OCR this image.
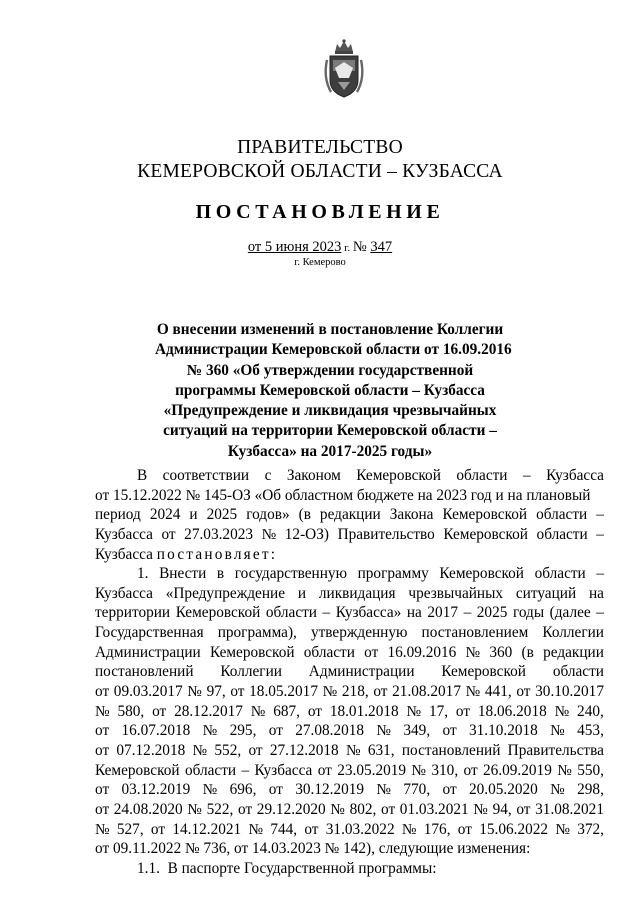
ПРАВИТЕЛЬСТВО
КЕМЕРОВСКОЙ ОБЛАСТИ – КУЗБАССА
ПОСТАНОВЛЕНИЕ
от 5 июня 2023 г. № 347
г. Кемерово
О внесении изменений в постановление Коллегии
Администрации Кемеровской области от 16.09.2016
№ 360 «Об утверждении государственной
программы Кемеровской области – Кузбасса
«Предупреждение и ликвидация чрезвычайных
ситуаций на территории Кемеровской области –
Кузбасса» на 2017-2025 годы»
В соответствии с Законом Кемеровской области – Кузбасса
от 15.12.2022 № 145-ОЗ «Об областном бюджете на 2023 год и на плановый
период 2024 и 2025 годов» (в редакции Закона Кемеровской области –
Кузбасса от 27.03.2023 № 12-ОЗ) Правительство Кемеровской области –
Кузбасса постановляет:
1. Внести в государственную программу Кемеровской области –
Кузбасса «Предупреждение и ликвидация чрезвычайных ситуаций на
территории Кемеровской области – Кузбасса» на 2017 – 2025 годы (далее –
Государственная программа), утвержденную постановлением Коллегии
Администрации Кемеровской области от 16.09.2016 № 360 (в редакции
постановлений Коллегии Администрации Кемеровской области
от 09.03.2017 № 97, от 18.05.2017 № 218, от 21.08.2017 № 441, от 30.10.2017
№ 580, от 28.12.2017 № 687, от 18.01.2018 № 17, от 18.06.2018 № 240,
от 16.07.2018 № 295, от 27.08.2018 № 349, от 31.10.2018 № 453,
от 07.12.2018 № 552, от 27.12.2018 № 631, постановлений Правительства
Кемеровской области – Кузбасса от 23.05.2019 № 310, от 26.09.2019 № 550,
от 03.12.2019 № 696, от 30.12.2019 № 770, от 20.05.2020 № 298,
от 24.08.2020 № 522, от 29.12.2020 № 802, от 01.03.2021 № 94, от 31.08.2021
№ 527, от 14.12.2021 № 744, от 31.03.2022 № 176, от 15.06.2022 № 372,
от 09.11.2022 № 736, от 14.03.2023 № 142), следующие изменения:
1.1.  В паспорте Государственной программы:
